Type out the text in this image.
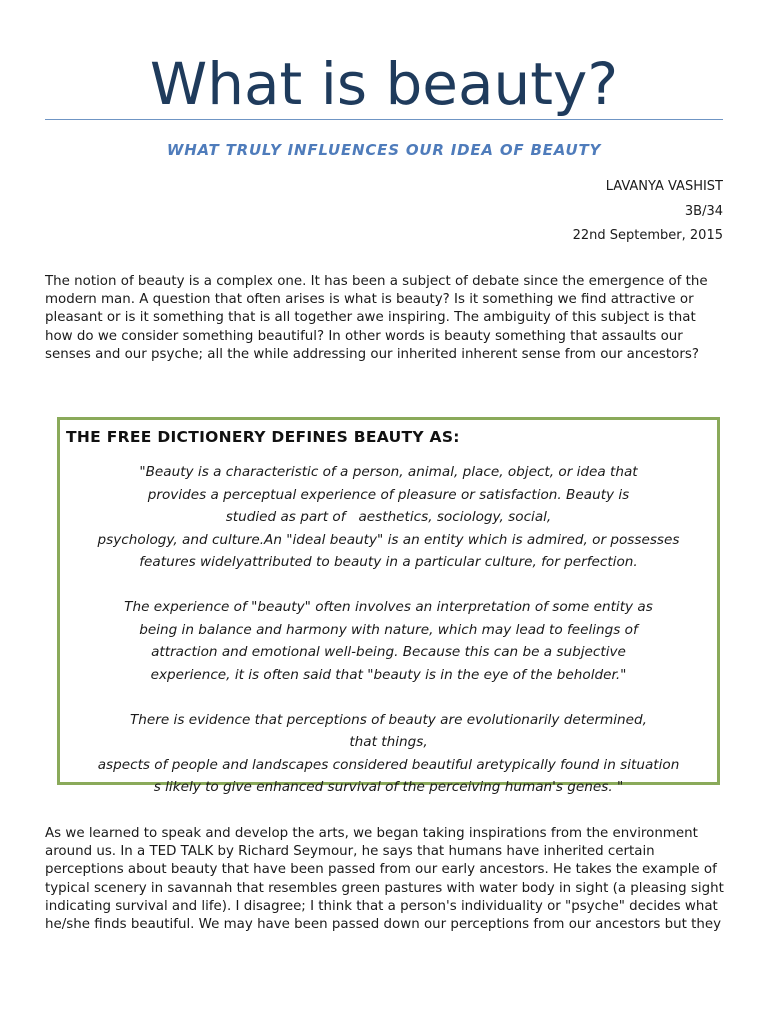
What is beauty?
WHAT TRULY INFLUENCES OUR IDEA OF BEAUTY
LAVANYA VASHIST
3B/34
22nd September, 2015

The notion of beauty is a complex one. It has been a subject of debate since the emergence of the modern man. A question that often arises is what is beauty? Is it something we find attractive or pleasant or is it something that is all together awe inspiring. The ambiguity of this subject is that how do we consider something beautiful? In other words is beauty something that assaults our senses and our psyche; all the while addressing our inherited inherent sense from our ancestors?

THE FREE DICTIONERY DEFINES BEAUTY AS:

"Beauty is a characteristic of a person, animal, place, object, or idea that
provides a perceptual experience of pleasure or satisfaction. Beauty is
studied as part of   aesthetics, sociology, social,
psychology, and culture.An "ideal beauty" is an entity which is admired, or possesses
features widelyattributed to beauty in a particular culture, for perfection.

The experience of "beauty" often involves an interpretation of some entity as
being in balance and harmony with nature, which may lead to feelings of
attraction and emotional well-being. Because this can be a subjective
experience, it is often said that "beauty is in the eye of the beholder."

There is evidence that perceptions of beauty are evolutionarily determined,
that things,
aspects of people and landscapes considered beautiful aretypically found in situation
s likely to give enhanced survival of the perceiving human's genes. "

As we learned to speak and develop the arts, we began taking inspirations from the environment around us. In a TED TALK by Richard Seymour, he says that humans have inherited certain perceptions about beauty that have been passed from our early ancestors. He takes the example of typical scenery in savannah that resembles green pastures with water body in sight (a pleasing sight indicating survival and life). I disagree; I think that a person's individuality or "psyche" decides what he/she finds beautiful. We may have been passed down our perceptions from our ancestors but they
